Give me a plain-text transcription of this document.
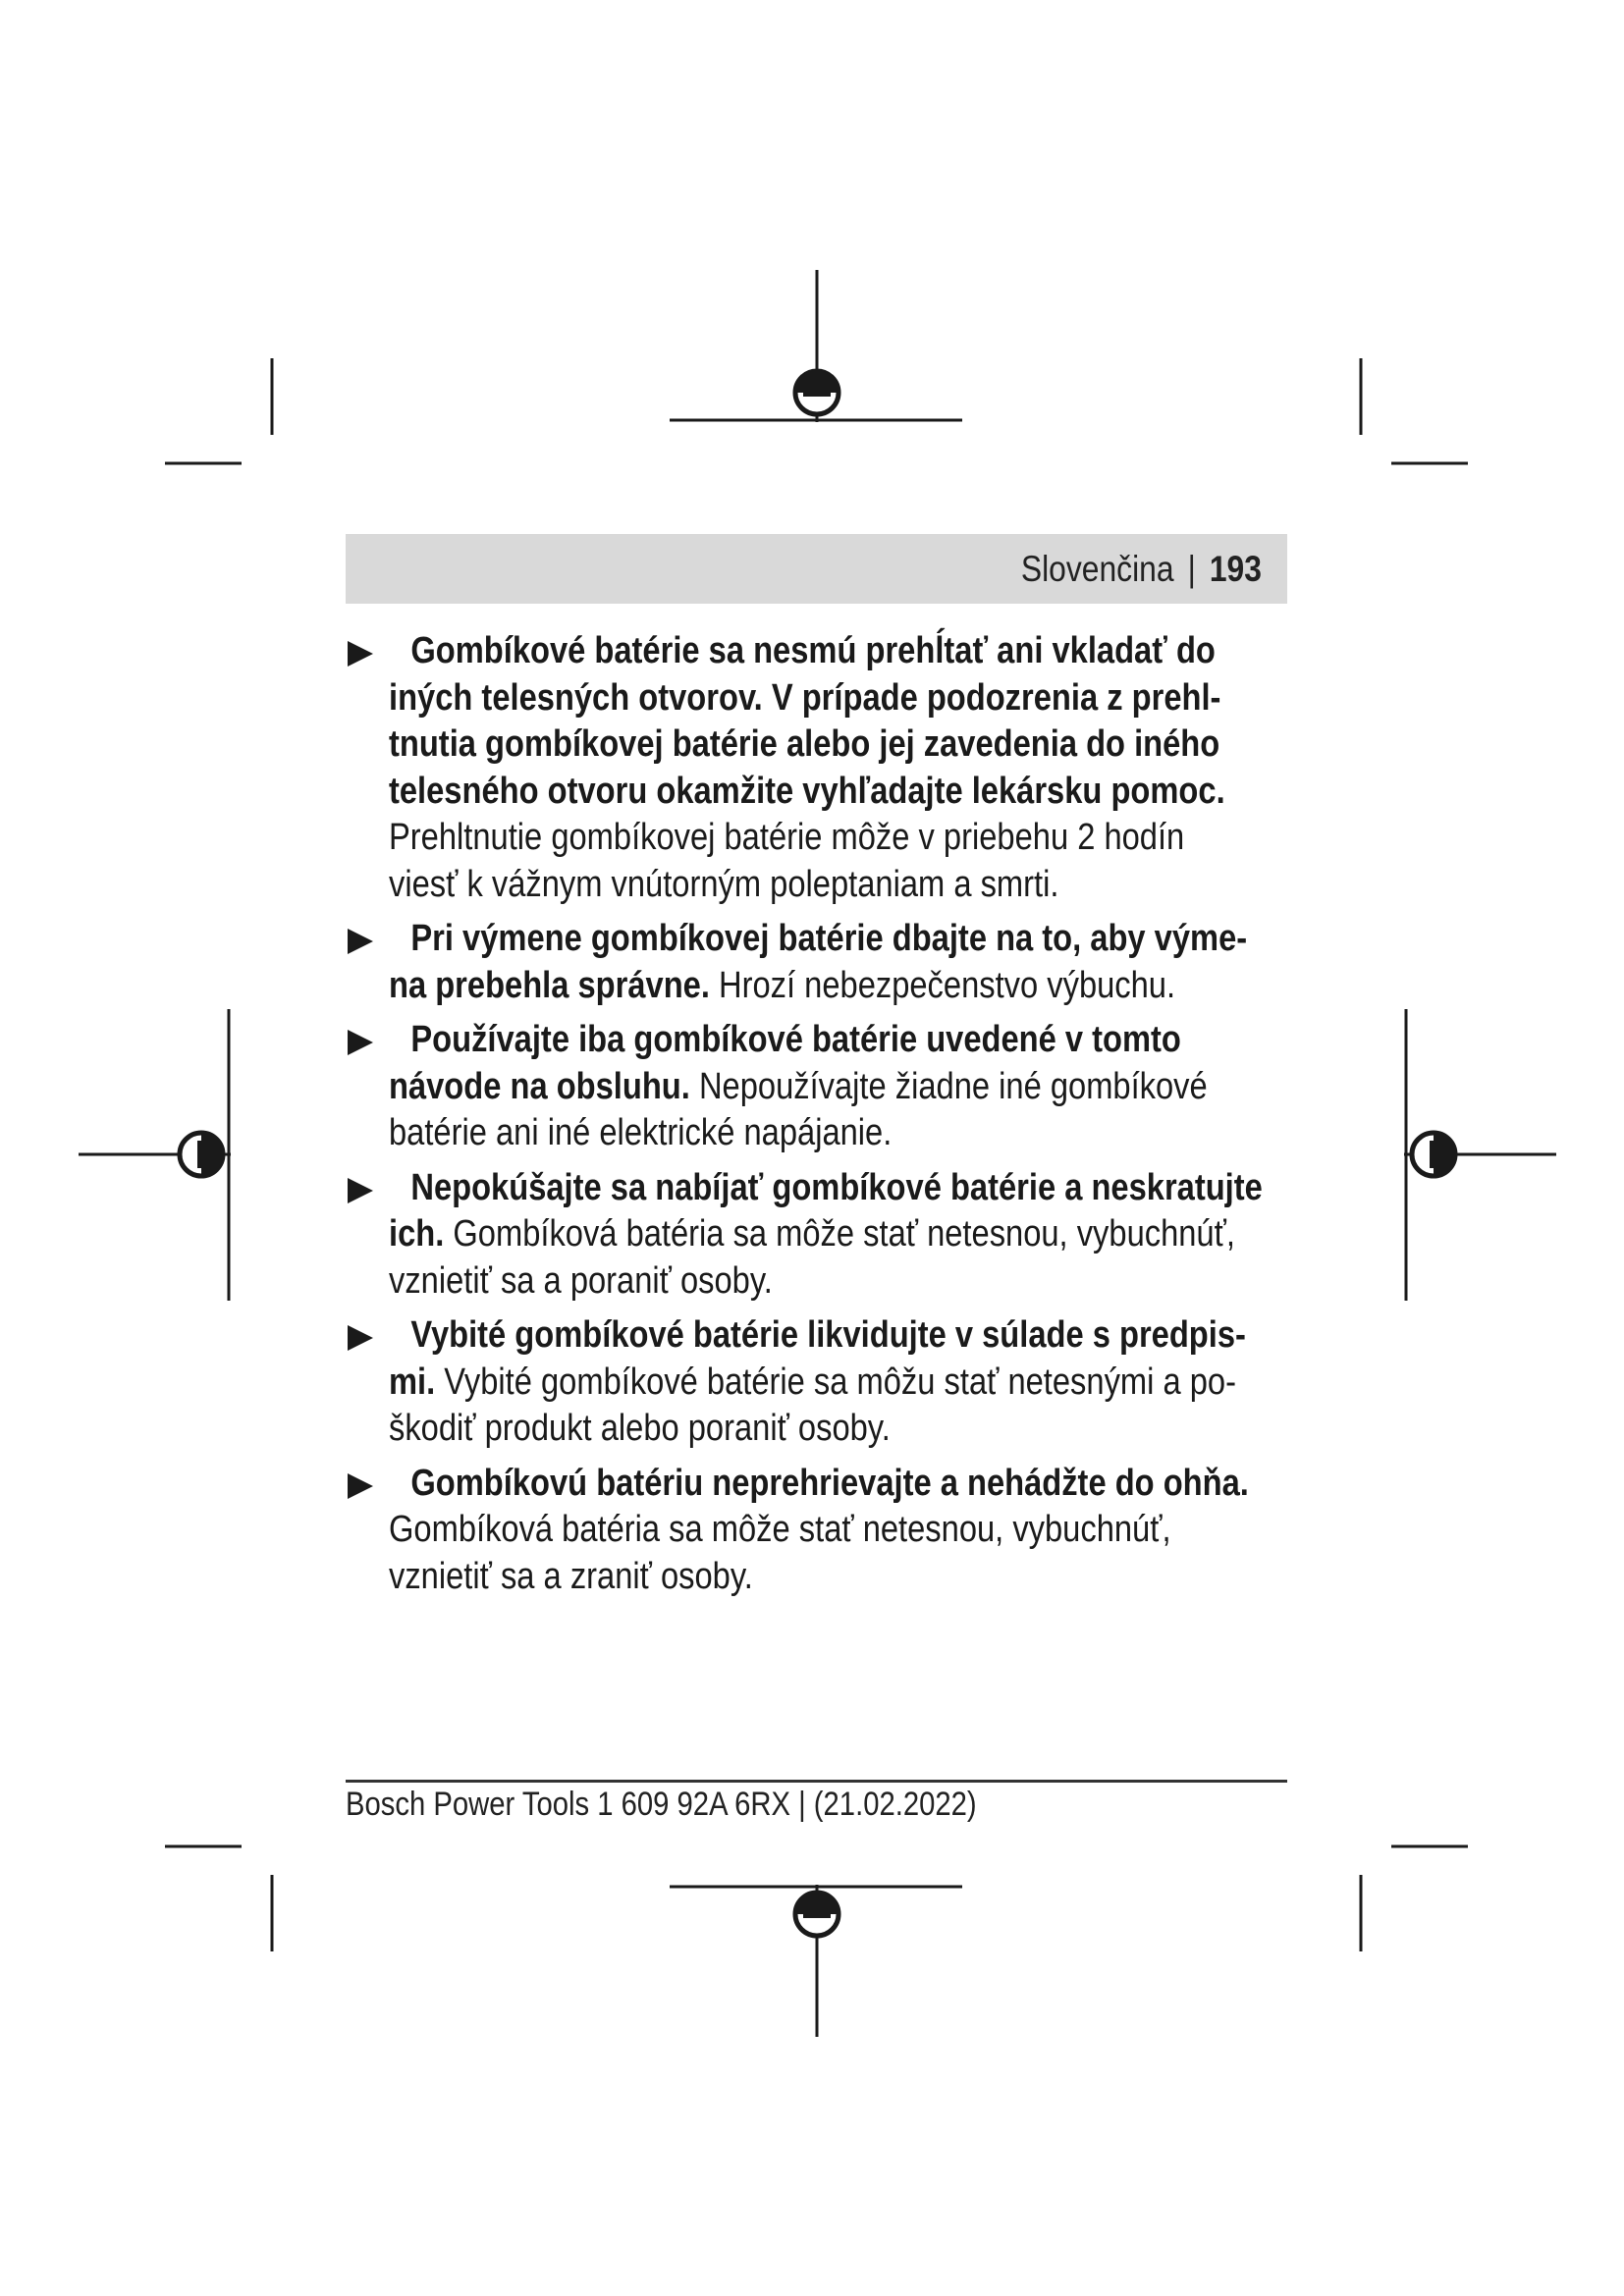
Slovenčina | 193
Gombíkové batérie sa nesmú prehĺtať ani vkladať do
iných telesných otvorov. V prípade podozrenia z prehl-
tnutia gombíkovej batérie alebo jej zavedenia do iného
telesného otvoru okamžite vyhľadajte lekársku pomoc.
Prehltnutie gombíkovej batérie môže v priebehu 2 hodín
viesť k vážnym vnútorným poleptaniam a smrti.
Pri výmene gombíkovej batérie dbajte na to, aby výme-
na prebehla správne. Hrozí nebezpečenstvo výbuchu.
Používajte iba gombíkové batérie uvedené v tomto
návode na obsluhu. Nepoužívajte žiadne iné gombíkové
batérie ani iné elektrické napájanie.
Nepokúšajte sa nabíjať gombíkové batérie a neskratujte
ich. Gombíková batéria sa môže stať netesnou, vybuchnúť,
vznietiť sa a poraniť osoby.
Vybité gombíkové batérie likvidujte v súlade s predpis-
mi. Vybité gombíkové batérie sa môžu stať netesnými a po-
škodiť produkt alebo poraniť osoby.
Gombíkovú batériu neprehrievajte a nehádžte do ohňa.
Gombíková batéria sa môže stať netesnou, vybuchnúť,
vznietiť sa a zraniť osoby.
Bosch Power Tools 1 609 92A 6RX | (21.02.2022)
